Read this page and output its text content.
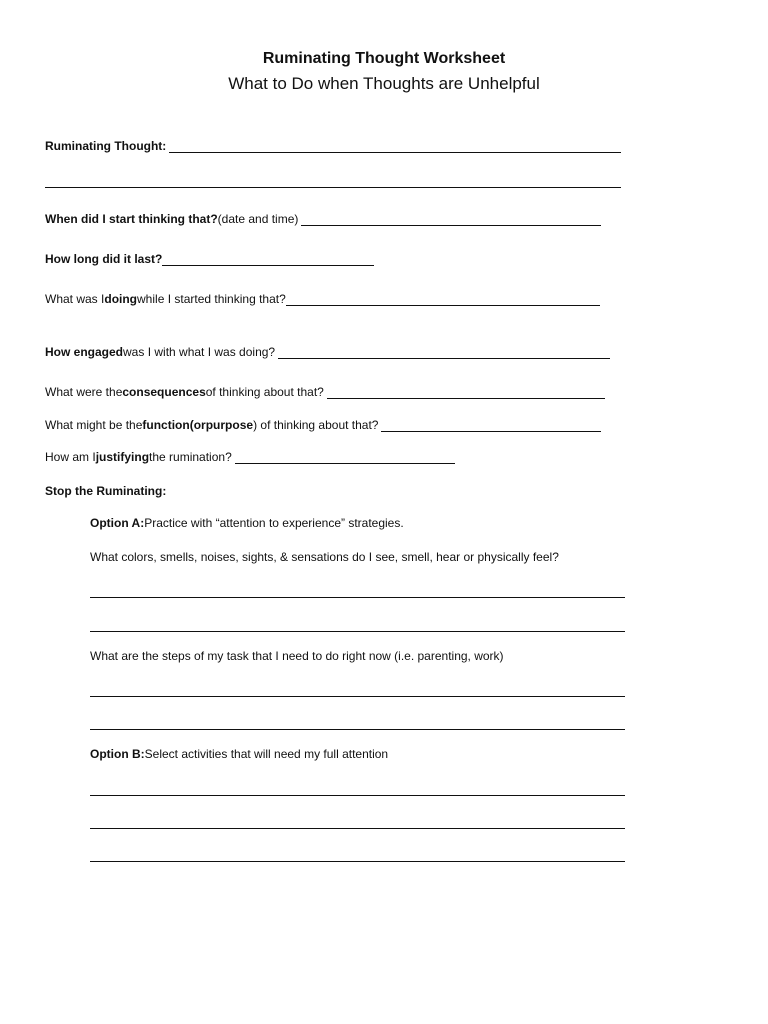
Ruminating Thought Worksheet
What to Do when Thoughts are Unhelpful
Ruminating Thought:
When did I start thinking that? (date and time)
How long did it last?
What was I doing while I started thinking that?
How engaged was I with what I was doing?
What were the consequences of thinking about that?
What might be the function (or purpose ) of thinking about that?
How am I justifying the rumination?
Stop the Ruminating:
Option A: Practice with “attention to experience” strategies.
What colors, smells, noises, sights, & sensations do I see, smell, hear or physically feel?
What are the steps of my task that I need to do right now (i.e. parenting, work)
Option B: Select activities that will need my full attention
